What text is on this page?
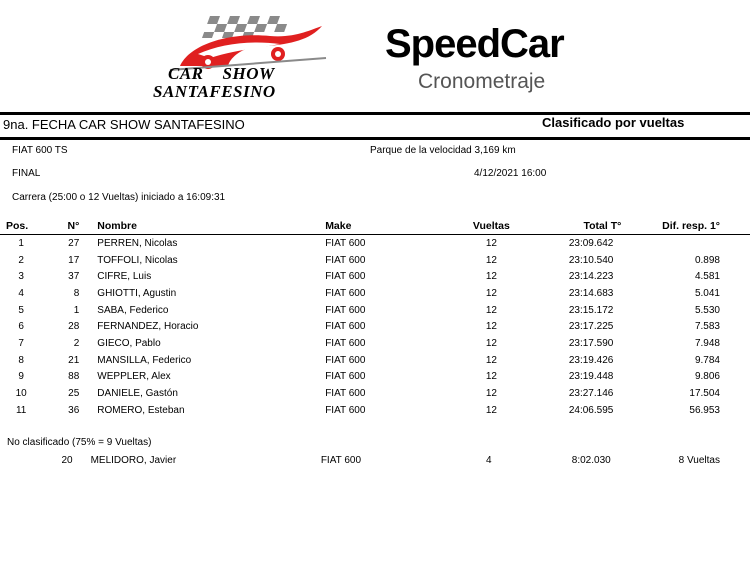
CAR SHOW
SANTAFESINO
SpeedCar
Cronometraje
9na. FECHA CAR SHOW SANTAFESINO	Clasificado por vueltas
FIAT 600 TS	Parque de la velocidad 3,169 km
FINAL	4/12/2021 16:00
Carrera (25:00 o 12 Vueltas) iniciado a 16:09:31
Pos.	N°	Nombre	Make	Vueltas	Total T°	Dif. resp. 1°
1	27	PERREN, Nicolas	FIAT 600	12	23:09.642	
2	17	TOFFOLI, Nicolas	FIAT 600	12	23:10.540	0.898
3	37	CIFRE, Luis	FIAT 600	12	23:14.223	4.581
4	8	GHIOTTI, Agustin	FIAT 600	12	23:14.683	5.041
5	1	SABA, Federico	FIAT 600	12	23:15.172	5.530
6	28	FERNANDEZ, Horacio	FIAT 600	12	23:17.225	7.583
7	2	GIECO, Pablo	FIAT 600	12	23:17.590	7.948
8	21	MANSILLA, Federico	FIAT 600	12	23:19.426	9.784
9	88	WEPPLER, Alex	FIAT 600	12	23:19.448	9.806
10	25	DANIELE, Gastón	FIAT 600	12	23:27.146	17.504
11	36	ROMERO, Esteban	FIAT 600	12	24:06.595	56.953
No clasificado (75% = 9 Vueltas)
	20	MELIDORO, Javier	FIAT 600	4	8:02.030	8 Vueltas
